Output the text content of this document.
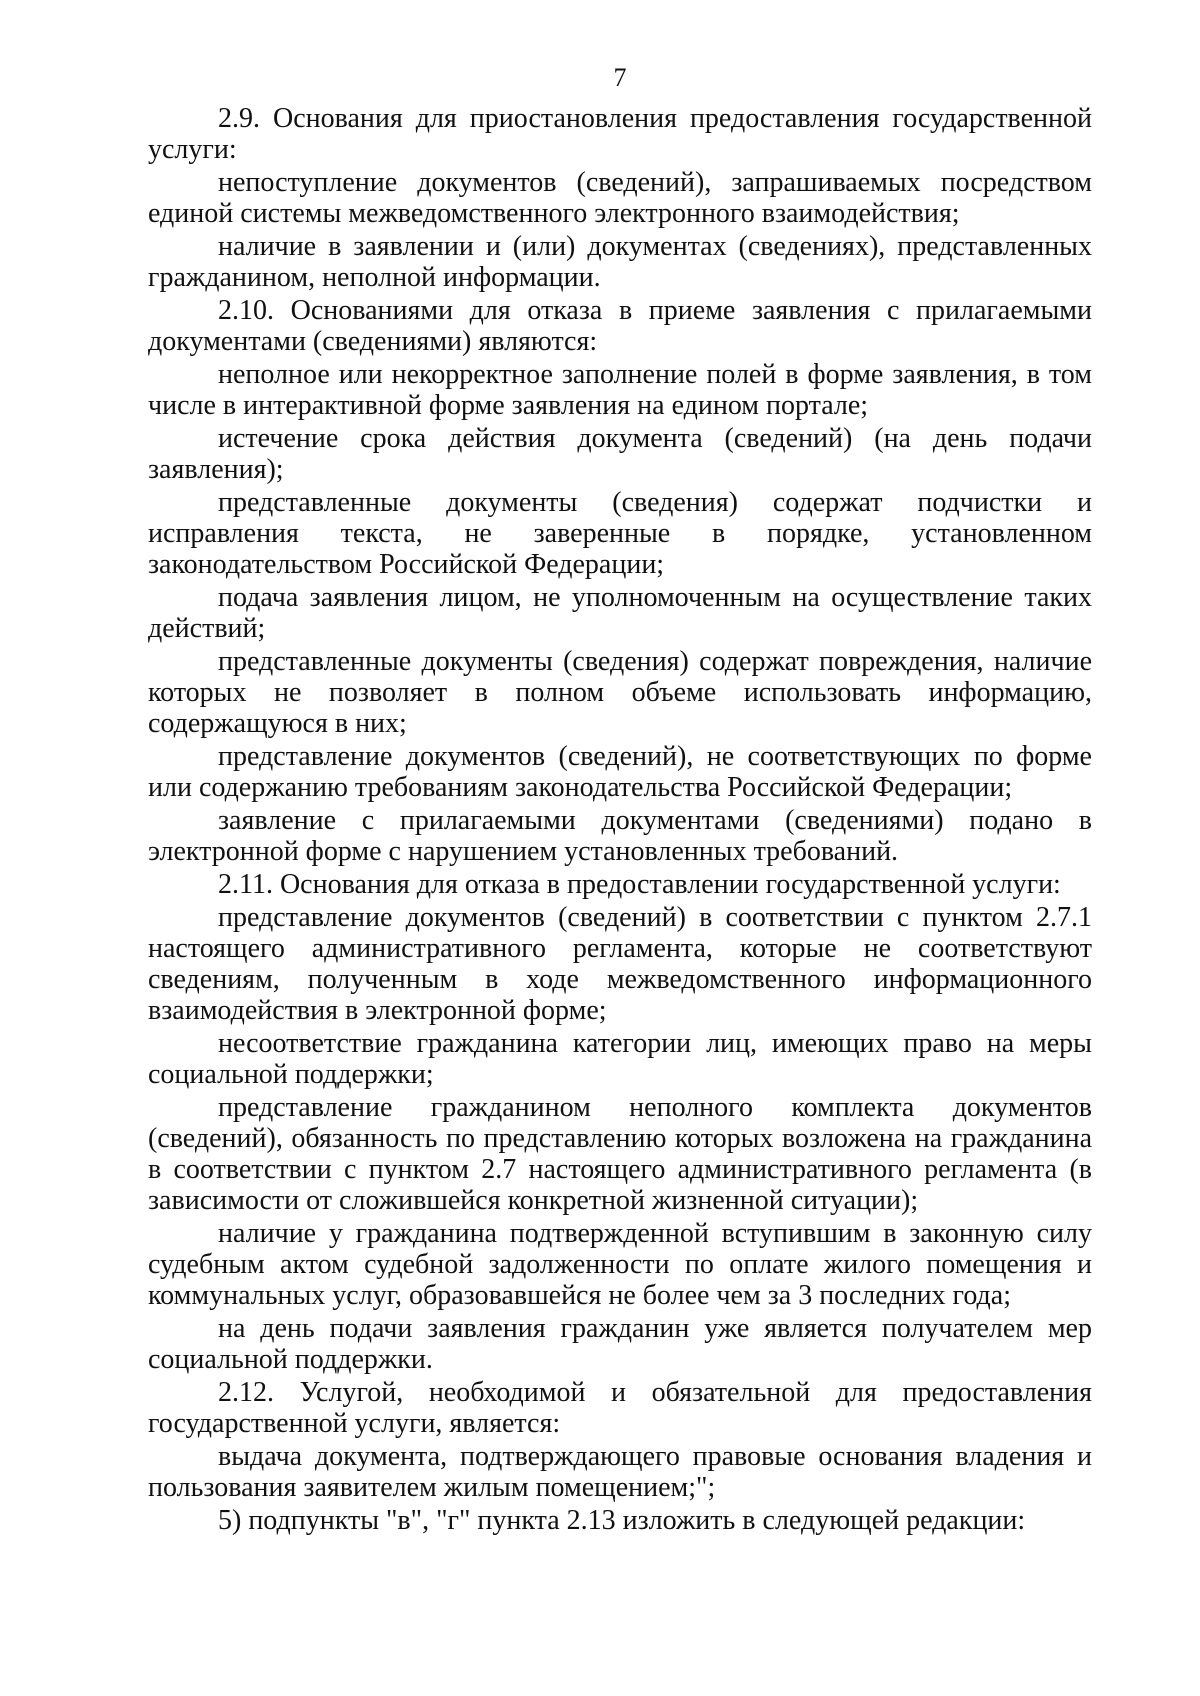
7

2.9. Основания для приостановления предоставления государственной услуги:

непоступление документов (сведений), запрашиваемых посредством единой системы межведомственного электронного взаимодействия;

наличие в заявлении и (или) документах (сведениях), представленных гражданином, неполной информации.

2.10. Основаниями для отказа в приеме заявления с прилагаемыми документами (сведениями) являются:

неполное или некорректное заполнение полей в форме заявления, в том числе в интерактивной форме заявления на едином портале;

истечение срока действия документа (сведений) (на день подачи заявления);

представленные документы (сведения) содержат подчистки и исправления текста, не заверенные в порядке, установленном законодательством Российской Федерации;

подача заявления лицом, не уполномоченным на осуществление таких действий;

представленные документы (сведения) содержат повреждения, наличие которых не позволяет в полном объеме использовать информацию, содержащуюся в них;

представление документов (сведений), не соответствующих по форме или содержанию требованиям законодательства Российской Федерации;

заявление с прилагаемыми документами (сведениями) подано в электронной форме с нарушением установленных требований.

2.11. Основания для отказа в предоставлении государственной услуги:

представление документов (сведений) в соответствии с пунктом 2.7.1 настоящего административного регламента, которые не соответствуют сведениям, полученным в ходе межведомственного информационного взаимодействия в электронной форме;

несоответствие гражданина категории лиц, имеющих право на меры социальной поддержки;

представление гражданином неполного комплекта документов (сведений), обязанность по представлению которых возложена на гражданина в соответствии с пунктом 2.7 настоящего административного регламента (в зависимости от сложившейся конкретной жизненной ситуации);

наличие у гражданина подтвержденной вступившим в законную силу судебным актом судебной задолженности по оплате жилого помещения и коммунальных услуг, образовавшейся не более чем за 3 последних года;

на день подачи заявления гражданин уже является получателем мер социальной поддержки.

2.12. Услугой, необходимой и обязательной для предоставления государственной услуги, является:

выдача документа, подтверждающего правовые основания владения и пользования заявителем жилым помещением;";

5) подпункты "в", "г" пункта 2.13 изложить в следующей редакции:
